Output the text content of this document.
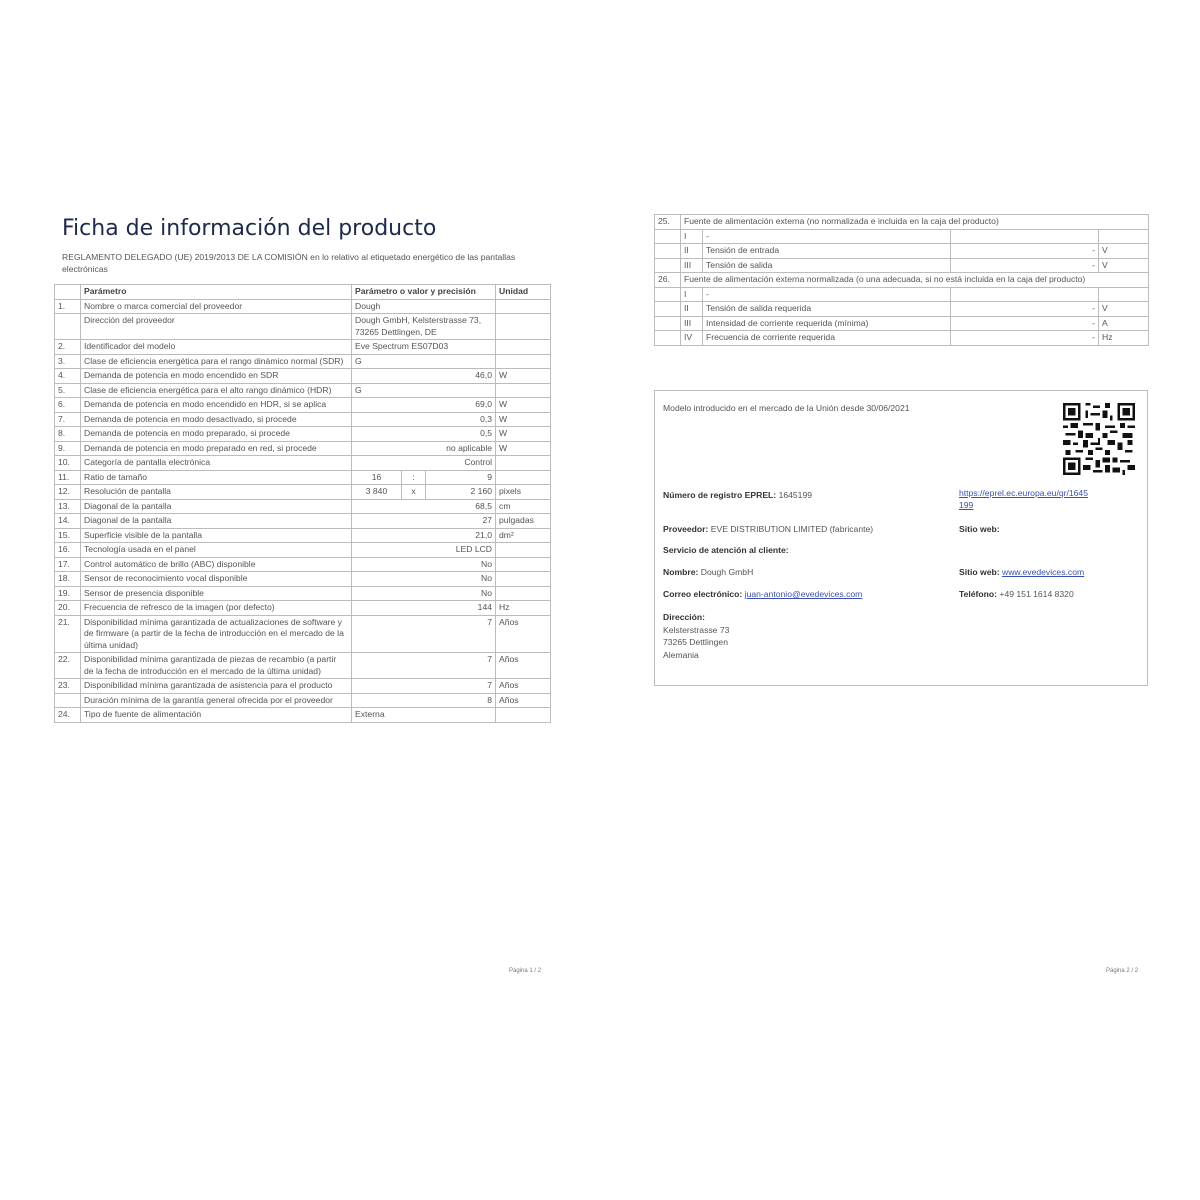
Ficha de información del producto
REGLAMENTO DELEGADO (UE) 2019/2013 DE LA COMISIÓN en lo relativo al etiquetado energético de las pantallas electrónicas
	Parámetro	Parámetro o valor y precisión			Unidad
1.	Nombre o marca comercial del proveedor	Dough			
	Dirección del proveedor	Dough GmbH, Kelsterstrasse 73, 73265 Dettlingen, DE			
2.	Identificador del modelo	Eve Spectrum ES07D03			
3.	Clase de eficiencia energética para el rango dinámico normal (SDR)	G			
4.	Demanda de potencia en modo encendido en SDR	46,0			W
5.	Clase de eficiencia energética para el alto rango dinámico (HDR)	G			
6.	Demanda de potencia en modo encendido en HDR, si se aplica	69,0			W
7.	Demanda de potencia en modo desactivado, si procede	0,3			W
8.	Demanda de potencia en modo preparado, si procede	0,5			W
9.	Demanda de potencia en modo preparado en red, si procede	no aplicable			W
10.	Categoría de pantalla electrónica	Control			
11.	Ratio de tamaño	16	:	9	
12.	Resolución de pantalla	3 840	x	2 160	pixels
13.	Diagonal de la pantalla	68,5			cm
14.	Diagonal de la pantalla	27			pulgadas
15.	Superficie visible de la pantalla	21,0			dm²
16.	Tecnología usada en el panel	LED LCD			
17.	Control automático de brillo (ABC) disponible	No			
18.	Sensor de reconocimiento vocal disponible	No			
19.	Sensor de presencia disponible	No			
20.	Frecuencia de refresco de la imagen (por defecto)	144			Hz
21.	Disponibilidad mínima garantizada de actualizaciones de software y de firmware (a partir de la fecha de introducción en el mercado de la última unidad)	7			Años
22.	Disponibilidad mínima garantizada de piezas de recambio (a partir de la fecha de introducción en el mercado de la última unidad)	7			Años
23.	Disponibilidad mínima garantizada de asistencia para el producto	7			Años
	Duración mínima de la garantía general ofrecida por el proveedor	8			Años
24.	Tipo de fuente de alimentación	Externa			
Página 1 / 2
25.	Fuente de alimentación externa (no normalizada e incluida en la caja del producto)			
	I	-		
	II	Tensión de entrada	-	V
	III	Tensión de salida	-	V
26.	Fuente de alimentación externa normalizada (o una adecuada, si no está incluida en la caja del producto)			
	I	-		
	II	Tensión de salida requerida	-	V
	III	Intensidad de corriente requerida (mínima)	-	A
	IV	Frecuencia de corriente requerida	-	Hz
Modelo introducido en el mercado de la Unión desde 30/06/2021
Número de registro EPREL: 1645199	https://eprel.ec.europa.eu/qr/1645199
Proveedor: EVE DISTRIBUTION LIMITED (fabricante)	Sitio web:
Servicio de atención al cliente:
Nombre: Dough GmbH	Sitio web: www.evedevices.com
Correo electrónico: juan-antonio@evedevices.com	Teléfono: +49 151 1614 8320
Dirección:
Kelsterstrasse 73
73265 Dettlingen
Alemania
Página 2 / 2
